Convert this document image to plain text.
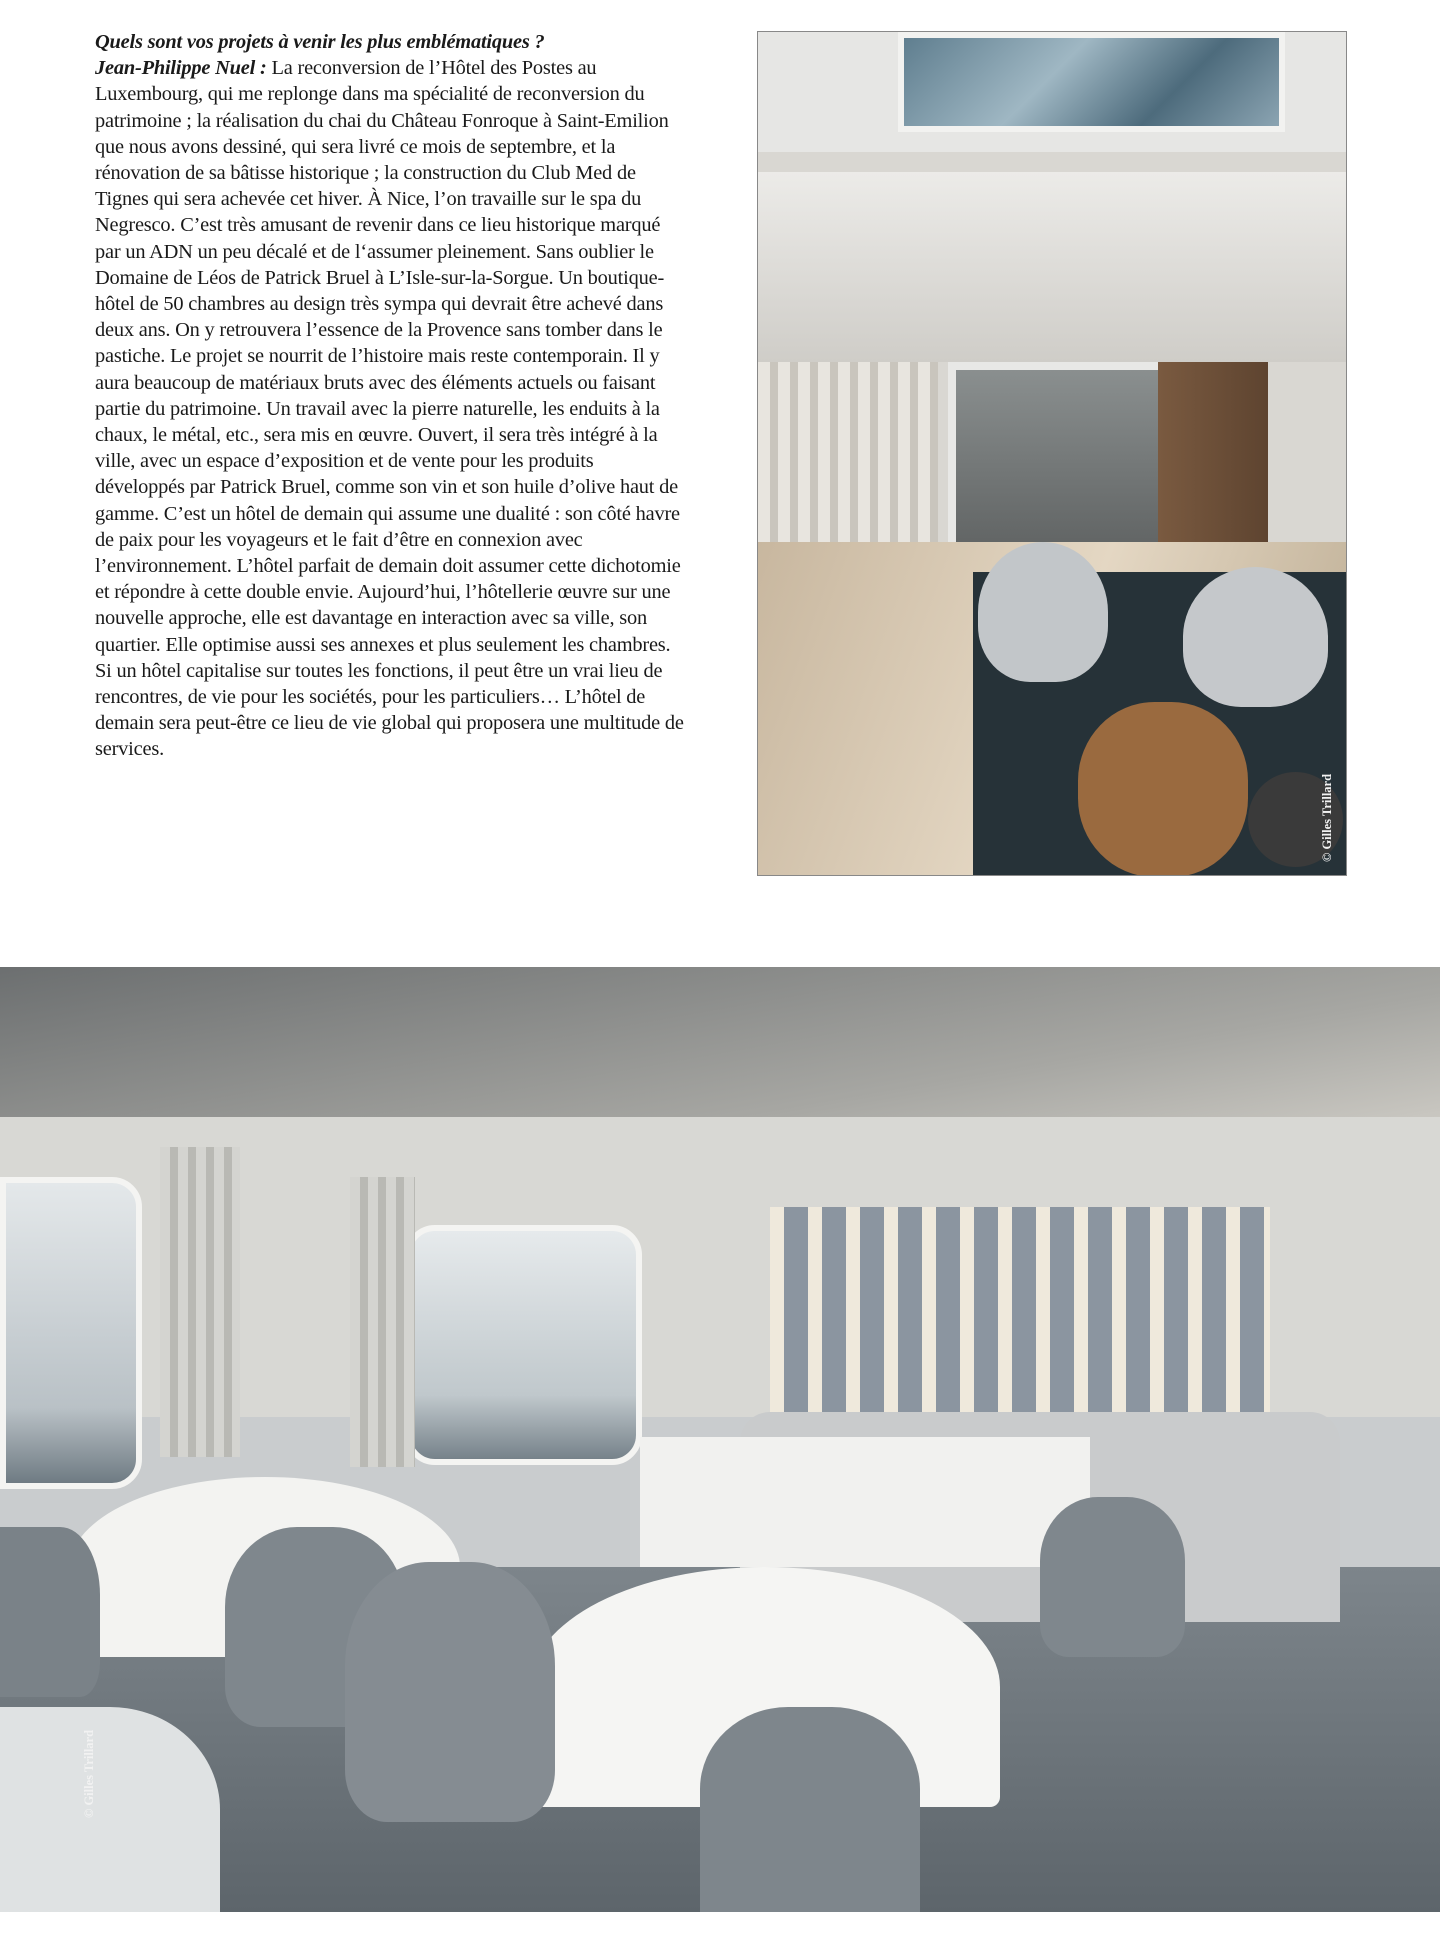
Quels sont vos projets à venir les plus emblématiques ?

Jean-Philippe Nuel : La reconversion de l’Hôtel des Postes au Luxembourg, qui me replonge dans ma spécialité de reconversion du patrimoine ; la réalisation du chai du Château Fonroque à Saint-Emilion que nous avons dessiné, qui sera livré ce mois de septembre, et la rénovation de sa bâtisse historique ; la construction du Club Med de Tignes qui sera achevée cet hiver. À Nice, l’on travaille sur le spa du Negresco. C’est très amusant de revenir dans ce lieu historique marqué par un ADN un peu décalé et de l‘assumer pleinement. Sans oublier le Domaine de Léos de Patrick Bruel à L’Isle-sur-la-Sorgue. Un boutique-hôtel de 50 chambres au design très sympa qui devrait être achevé dans deux ans. On y retrouvera l’essence de la Provence sans tomber dans le pastiche. Le projet se nourrit de l’histoire mais reste contemporain. Il y aura beaucoup de matériaux bruts avec des éléments actuels ou faisant partie du patrimoine. Un travail avec la pierre naturelle, les enduits à la chaux, le métal, etc., sera mis en œuvre. Ouvert, il sera très intégré à la ville, avec un espace d’exposition et de vente pour les produits développés par Patrick Bruel, comme son vin et son huile d’olive haut de gamme. C’est un hôtel de demain qui assume une dualité : son côté havre de paix pour les voyageurs et le fait d’être en connexion avec l’environnement. L’hôtel parfait de demain doit assumer cette dichotomie et répondre à cette double envie. Aujourd’hui, l’hôtellerie œuvre sur une nouvelle approche, elle est davantage en interaction avec sa ville, son quartier. Elle optimise aussi ses annexes et plus seulement les chambres. Si un hôtel capitalise sur toutes les fonctions, il peut être un vrai lieu de rencontres, de vie pour les sociétés, pour les particuliers… L’hôtel de demain sera peut-être ce lieu de vie global qui proposera une multitude de services.

© Gilles Trillard
© Gilles Trillard
